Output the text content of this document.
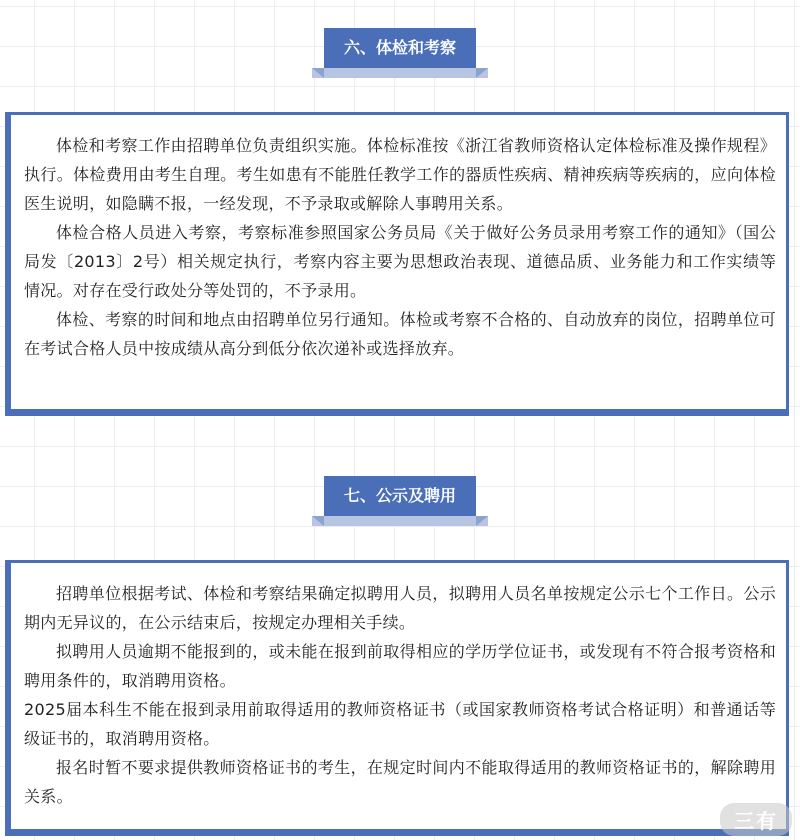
六、体检和考察

体检和考察工作由招聘单位负责组织实施。体检标准按《浙江省教师资格认定体检标准及操作规程》执行。体检费用由考生自理。考生如患有不能胜任教学工作的器质性疾病、精神疾病等疾病的，应向体检医生说明，如隐瞒不报，一经发现，不予录取或解除人事聘用关系。

体检合格人员进入考察，考察标准参照国家公务员局《关于做好公务员录用考察工作的通知》（国公局发〔2013〕2号）相关规定执行，考察内容主要为思想政治表现、道德品质、业务能力和工作实绩等情况。对存在受行政处分等处罚的，不予录用。

体检、考察的时间和地点由招聘单位另行通知。体检或考察不合格的、自动放弃的岗位，招聘单位可在考试合格人员中按成绩从高分到低分依次递补或选择放弃。

七、公示及聘用

招聘单位根据考试、体检和考察结果确定拟聘用人员，拟聘用人员名单按规定公示七个工作日。公示期内无异议的，在公示结束后，按规定办理相关手续。

拟聘用人员逾期不能报到的，或未能在报到前取得相应的学历学位证书，或发现有不符合报考资格和聘用条件的，取消聘用资格。

2025届本科生不能在报到录用前取得适用的教师资格证书（或国家教师资格考试合格证明）和普通话等级证书的，取消聘用资格。

报名时暂不要求提供教师资格证书的考生，在规定时间内不能取得适用的教师资格证书的，解除聘用关系。

三有
